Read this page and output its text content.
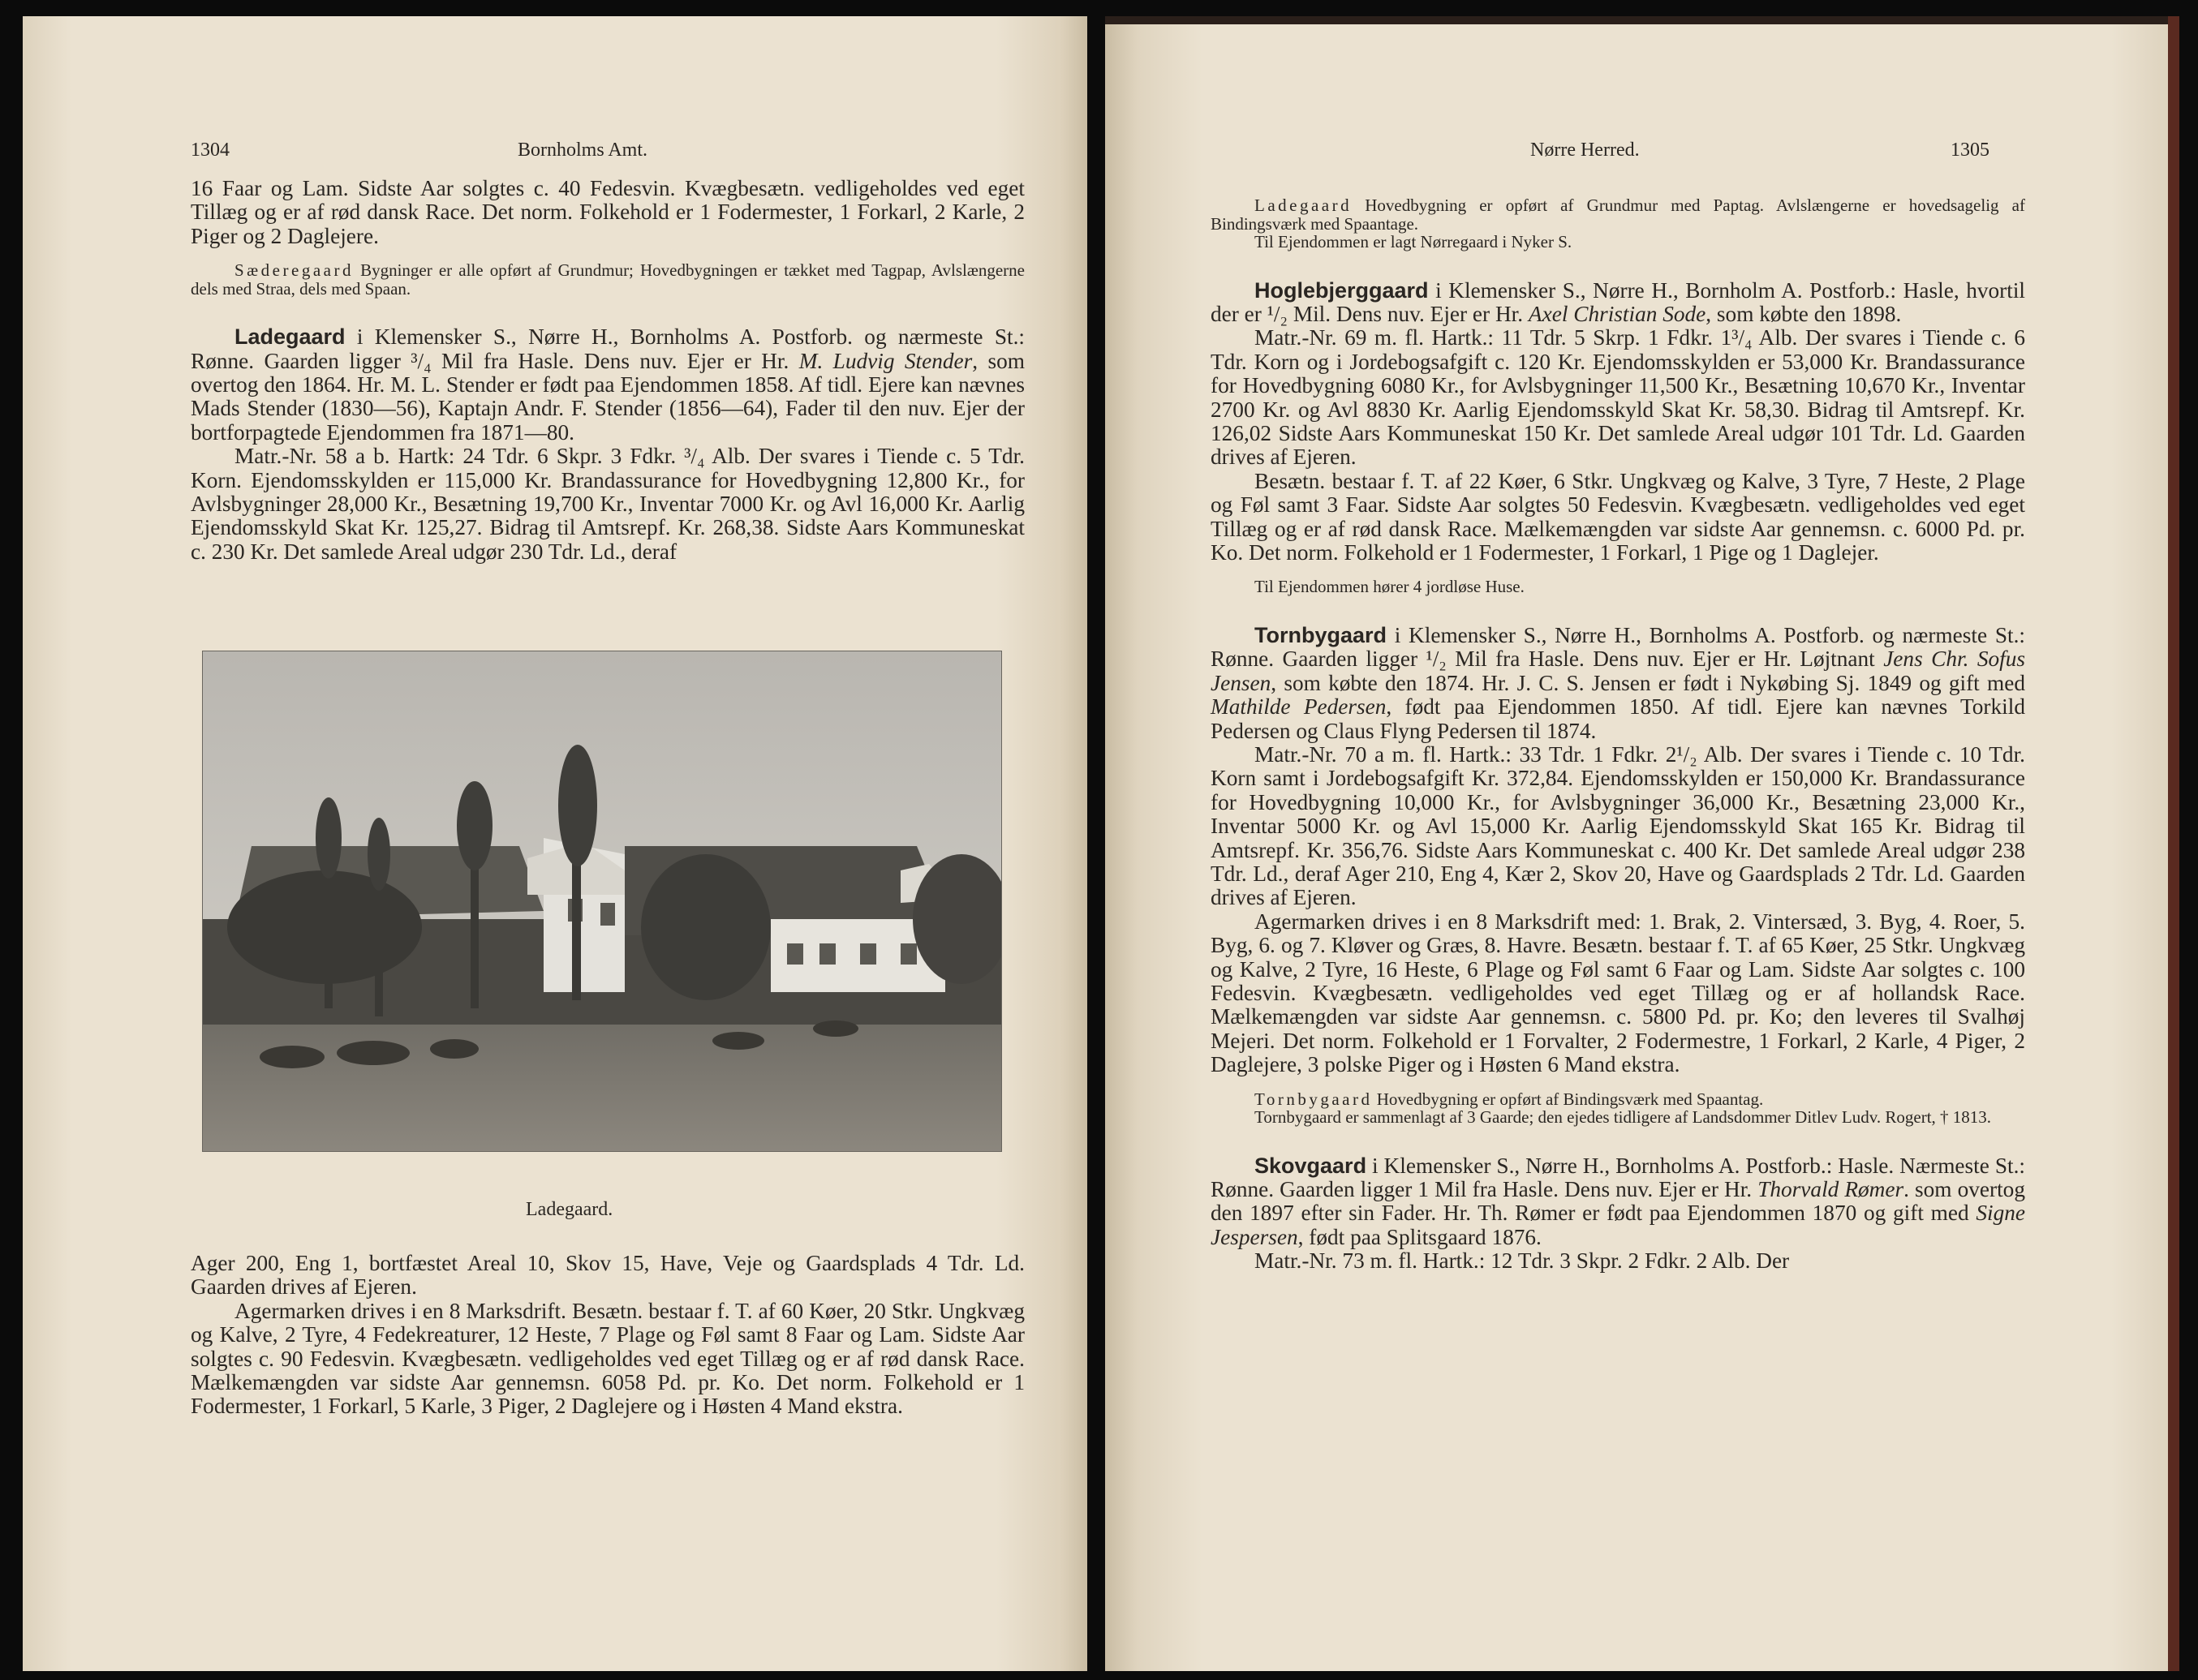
1304	Bornholms Amt.

16 Faar og Lam. Sidste Aar solgtes c. 40 Fedesvin. Kvægbesætn. vedligeholdes ved eget Tillæg og er af rød dansk Race. Det norm. Folkehold er 1 Fodermester, 1 Forkarl, 2 Karle, 2 Piger og 2 Daglejere.

Sæderegaard Bygninger er alle opført af Grundmur; Hovedbygningen er tækket med Tagpap, Avlslængerne dels med Straa, dels med Spaan.

Ladegaard i Klemensker S., Nørre H., Bornholms A. Postforb. og nærmeste St.: Rønne. Gaarden ligger ³/₄ Mil fra Hasle. Dens nuv. Ejer er Hr. M. Ludvig Stender, som overtog den 1864. Hr. M. L. Stender er født paa Ejendommen 1858. Af tidl. Ejere kan nævnes Mads Stender (1830—56), Kaptajn Andr. F. Stender (1856—64), Fader til den nuv. Ejer der bortforpagtede Ejendommen fra 1871—80.

Matr.-Nr. 58 a b. Hartk: 24 Tdr. 6 Skpr. 3 Fdkr. ³/₄ Alb. Der svares i Tiende c. 5 Tdr. Korn. Ejendomsskylden er 115,000 Kr. Brandassurance for Hovedbygning 12,800 Kr., for Avlsbygninger 28,000 Kr., Besætning 19,700 Kr., Inventar 7000 Kr. og Avl 16,000 Kr. Aarlig Ejendomsskyld Skat Kr. 125,27. Bidrag til Amtsrepf. Kr. 268,38. Sidste Aars Kommuneskat c. 230 Kr. Det samlede Areal udgør 230 Tdr. Ld., deraf

Ladegaard.

Ager 200, Eng 1, bortfæstet Areal 10, Skov 15, Have, Veje og Gaardsplads 4 Tdr. Ld. Gaarden drives af Ejeren.

Agermarken drives i en 8 Marksdrift. Besætn. bestaar f. T. af 60 Køer, 20 Stkr. Ungkvæg og Kalve, 2 Tyre, 4 Fedekreaturer, 12 Heste, 7 Plage og Føl samt 8 Faar og Lam. Sidste Aar solgtes c. 90 Fedesvin. Kvægbesætn. vedligeholdes ved eget Tillæg og er af rød dansk Race. Mælkemængden var sidste Aar gennemsn. 6058 Pd. pr. Ko. Det norm. Folkehold er 1 Fodermester, 1 Forkarl, 5 Karle, 3 Piger, 2 Daglejere og i Høsten 4 Mand ekstra.

Nørre Herred.	1305

Ladegaard Hovedbygning er opført af Grundmur med Paptag. Avlslængerne er hovedsagelig af Bindingsværk med Spaantage.

Til Ejendommen er lagt Nørregaard i Nyker S.

Hoglebjerggaard i Klemensker S., Nørre H., Bornholm A. Postforb.: Hasle, hvortil der er ¹/₂ Mil. Dens nuv. Ejer er Hr. Axel Christian Sode, som købte den 1898.

Matr.-Nr. 69 m. fl. Hartk.: 11 Tdr. 5 Skrp. 1 Fdkr. 1³/₄ Alb. Der svares i Tiende c. 6 Tdr. Korn og i Jordebogsafgift c. 120 Kr. Ejendomsskylden er 53,000 Kr. Brandassurance for Hovedbygning 6080 Kr., for Avlsbygninger 11,500 Kr., Besætning 10,670 Kr., Inventar 2700 Kr. og Avl 8830 Kr. Aarlig Ejendomsskyld Skat Kr. 58,30. Bidrag til Amtsrepf. Kr. 126,02 Sidste Aars Kommuneskat 150 Kr. Det samlede Areal udgør 101 Tdr. Ld. Gaarden drives af Ejeren.

Besætn. bestaar f. T. af 22 Køer, 6 Stkr. Ungkvæg og Kalve, 3 Tyre, 7 Heste, 2 Plage og Føl samt 3 Faar. Sidste Aar solgtes 50 Fedesvin. Kvægbesætn. vedligeholdes ved eget Tillæg og er af rød dansk Race. Mælkemængden var sidste Aar gennemsn. c. 6000 Pd. pr. Ko. Det norm. Folkehold er 1 Fodermester, 1 Forkarl, 1 Pige og 1 Daglejer.

Til Ejendommen hører 4 jordløse Huse.

Tornbygaard i Klemensker S., Nørre H., Bornholms A. Postforb. og nærmeste St.: Rønne. Gaarden ligger ¹/₂ Mil fra Hasle. Dens nuv. Ejer er Hr. Løjtnant Jens Chr. Sofus Jensen, som købte den 1874. Hr. J. C. S. Jensen er født i Nykøbing Sj. 1849 og gift med Mathilde Pedersen, født paa Ejendommen 1850. Af tidl. Ejere kan nævnes Torkild Pedersen og Claus Flyng Pedersen til 1874.

Matr.-Nr. 70 a m. fl. Hartk.: 33 Tdr. 1 Fdkr. 2¹/₂ Alb. Der svares i Tiende c. 10 Tdr. Korn samt i Jordebogsafgift Kr. 372,84. Ejendomsskylden er 150,000 Kr. Brandassurance for Hovedbygning 10,000 Kr., for Avlsbygninger 36,000 Kr., Besætning 23,000 Kr., Inventar 5000 Kr. og Avl 15,000 Kr. Aarlig Ejendomsskyld Skat 165 Kr. Bidrag til Amtsrepf. Kr. 356,76. Sidste Aars Kommuneskat c. 400 Kr. Det samlede Areal udgør 238 Tdr. Ld., deraf Ager 210, Eng 4, Kær 2, Skov 20, Have og Gaardsplads 2 Tdr. Ld. Gaarden drives af Ejeren.

Agermarken drives i en 8 Marksdrift med: 1. Brak, 2. Vintersæd, 3. Byg, 4. Roer, 5. Byg, 6. og 7. Kløver og Græs, 8. Havre. Besætn. bestaar f. T. af 65 Køer, 25 Stkr. Ungkvæg og Kalve, 2 Tyre, 16 Heste, 6 Plage og Føl samt 6 Faar og Lam. Sidste Aar solgtes c. 100 Fedesvin. Kvægbesætn. vedligeholdes ved eget Tillæg og er af hollandsk Race. Mælkemængden var sidste Aar gennemsn. c. 5800 Pd. pr. Ko; den leveres til Svalhøj Mejeri. Det norm. Folkehold er 1 Forvalter, 2 Fodermestre, 1 Forkarl, 2 Karle, 4 Piger, 2 Daglejere, 3 polske Piger og i Høsten 6 Mand ekstra.

Tornbygaard Hovedbygning er opført af Bindingsværk med Spaantag.

Tornbygaard er sammenlagt af 3 Gaarde; den ejedes tidligere af Landsdommer Ditlev Ludv. Rogert, † 1813.

Skovgaard i Klemensker S., Nørre H., Bornholms A. Postforb.: Hasle. Nærmeste St.: Rønne. Gaarden ligger 1 Mil fra Hasle. Dens nuv. Ejer er Hr. Thorvald Rømer. som overtog den 1897 efter sin Fader. Hr. Th. Rømer er født paa Ejendommen 1870 og gift med Signe Jespersen, født paa Splitsgaard 1876.

Matr.-Nr. 73 m. fl. Hartk.: 12 Tdr. 3 Skpr. 2 Fdkr. 2 Alb. Der
